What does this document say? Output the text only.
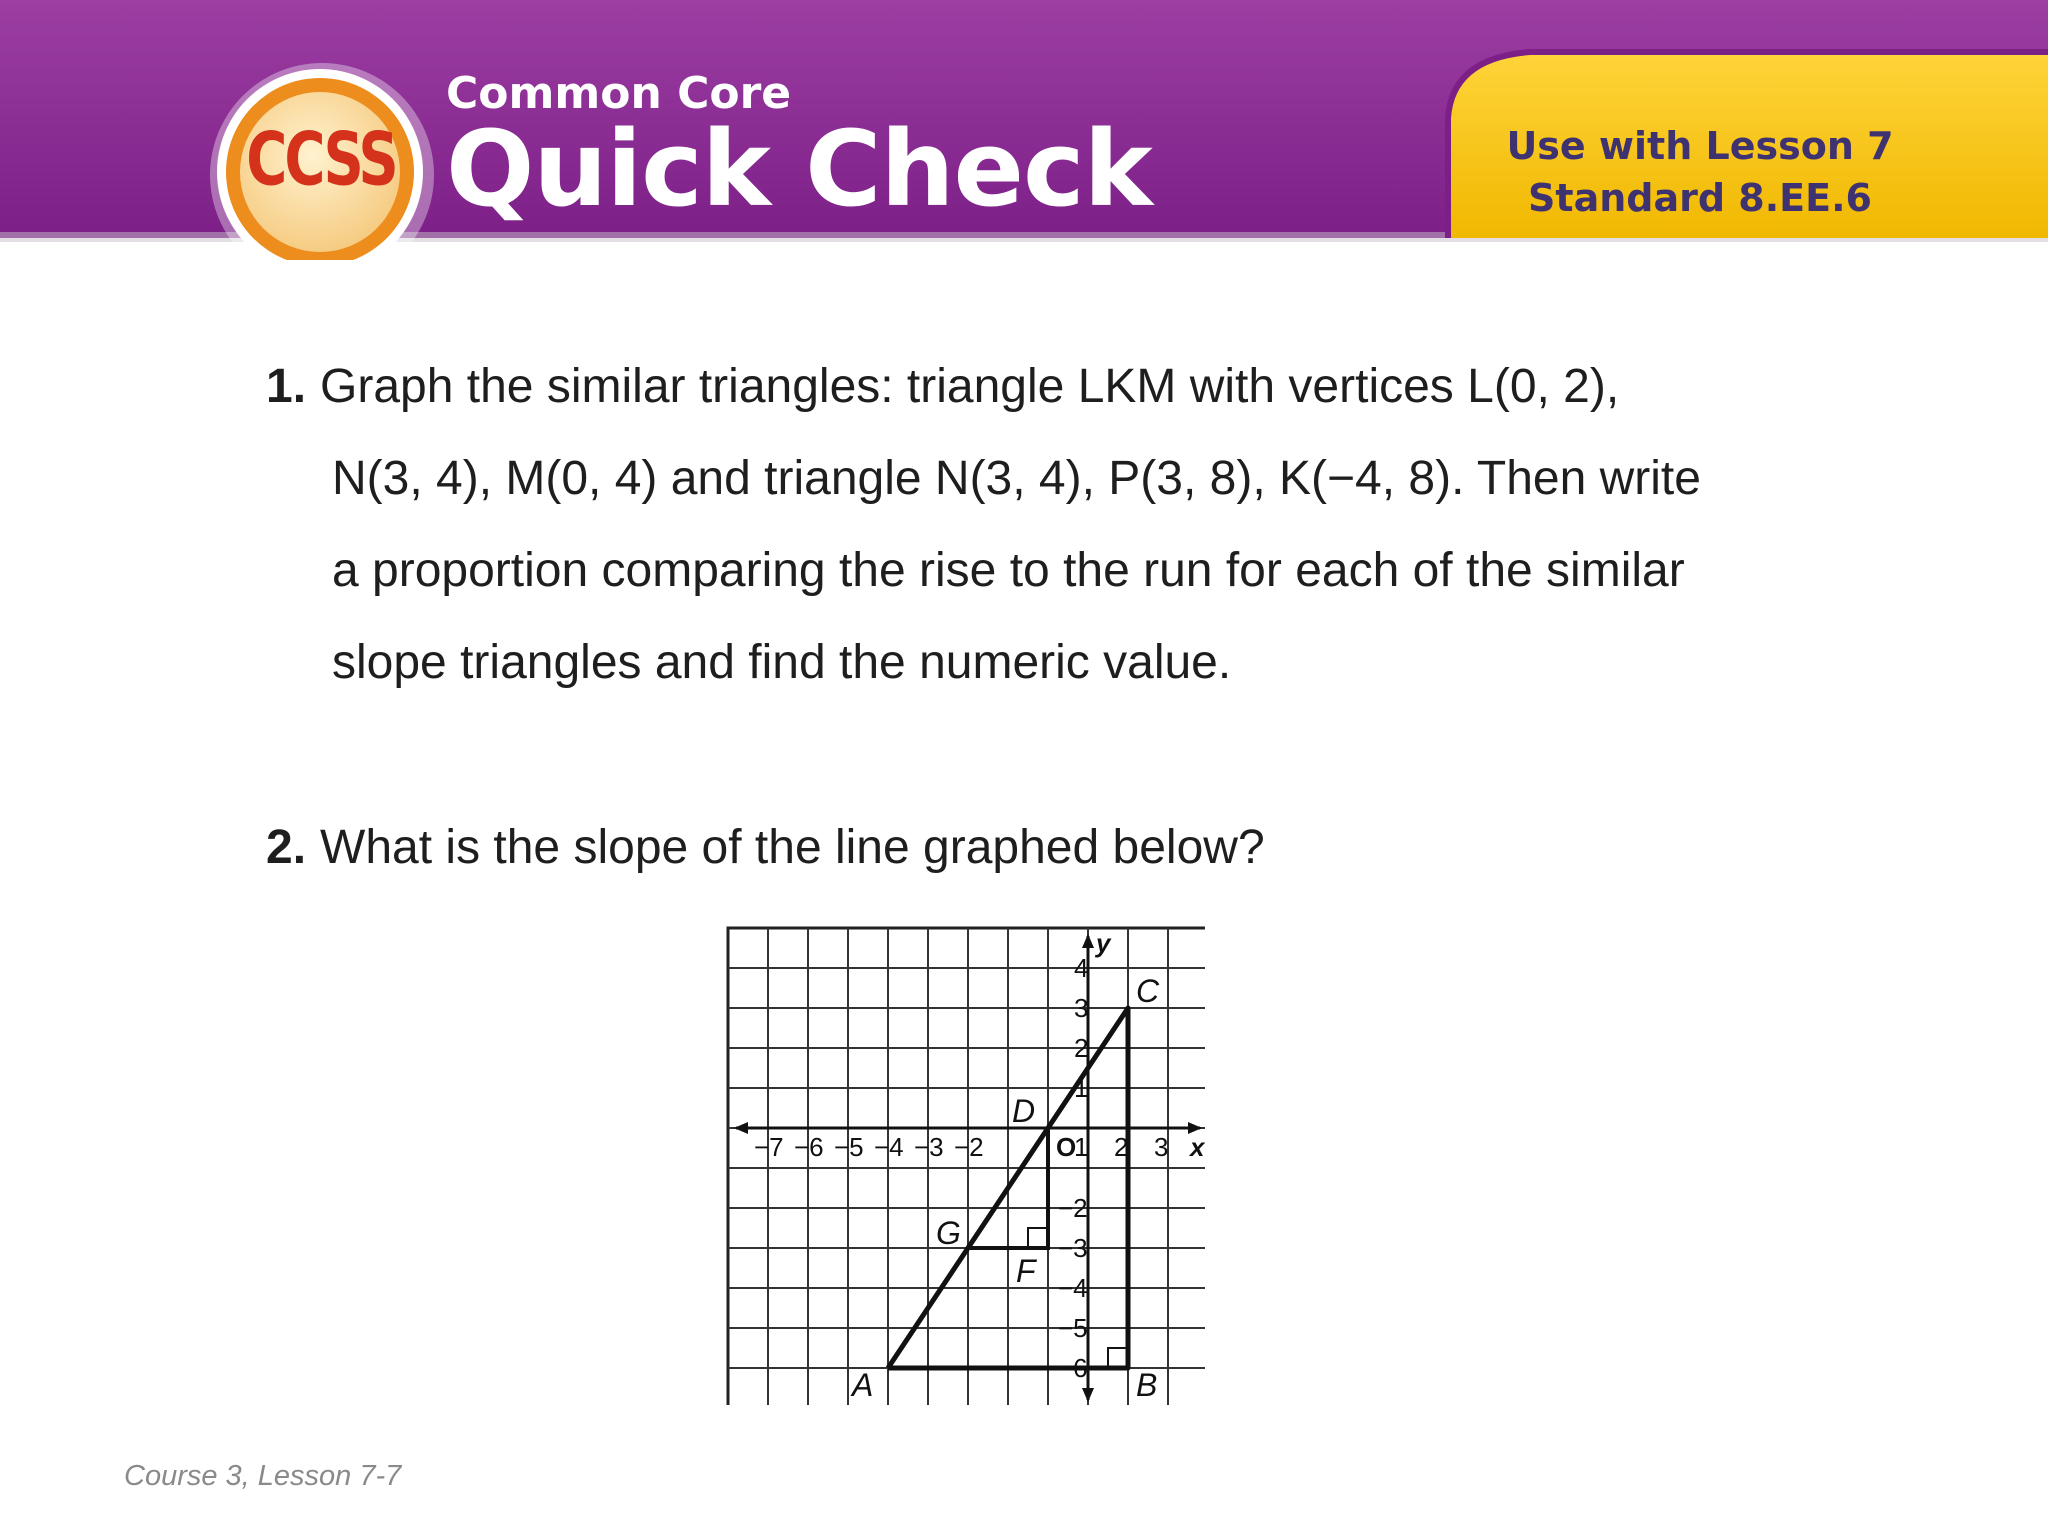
CCSS
Common Core
Quick Check	Use with Lesson 7
Standard 8.EE.6
1. Graph the similar triangles: triangle LKM with vertices L(0, 2),
N(3, 4), M(0, 4) and triangle N(3, 4), P(3, 8), K(−4, 8). Then write
a proportion comparing the rise to the run for each of the similar
slope triangles and find the numeric value.
2. What is the slope of the line graphed below?
−7 −6 −5 −4 −3 −2	O
1 2 3 x
4
3
2
1
−2
−3
−4
−5
−6
y
A	B
C
D
G
F
Course 3, Lesson 7-7
